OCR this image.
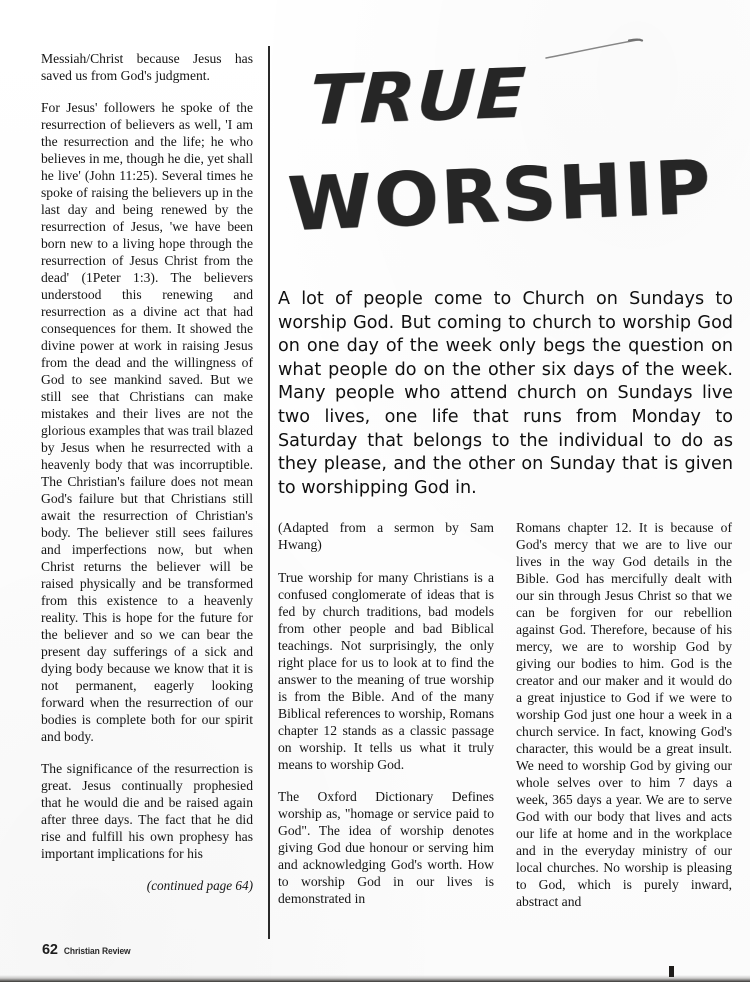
Messiah/Christ because Jesus has saved us from God's judgment.

For Jesus' followers he spoke of the resurrection of believers as well, 'I am the resurrection and the life; he who believes in me, though he die, yet shall he live' (John 11:25). Several times he spoke of raising the believers up in the last day and being renewed by the resurrection of Jesus, 'we have been born new to a living hope through the resurrection of Jesus Christ from the dead' (1Peter 1:3). The believers understood this renewing and resurrection as a divine act that had consequences for them. It showed the divine power at work in raising Jesus from the dead and the willingness of God to see mankind saved. But we still see that Christians can make mistakes and their lives are not the glorious examples that was trail blazed by Jesus when he resurrected with a heavenly body that was incorruptible. The Christian's failure does not mean God's failure but that Christians still await the resurrection of Christian's body. The believer still sees failures and imperfections now, but when Christ returns the believer will be raised physically and be transformed from this existence to a heavenly reality. This is hope for the future for the believer and so we can bear the present day sufferings of a sick and dying body because we know that it is not permanent, eagerly looking forward when the resurrection of our bodies is complete both for our spirit and body.

The significance of the resurrection is great. Jesus continually prophesied that he would die and be raised again after three days. The fact that he did rise and fulfill his own prophesy has important implications for his

(continued page 64)

TRUE
WORSHIP
A lot of people come to Church on Sundays to worship God. But coming to church to worship God on one day of the week only begs the question on what people do on the other six days of the week. Many people who attend church on Sundays live two lives, one life that runs from Monday to Saturday that belongs to the individual to do as they please, and the other on Sunday that is given to worshipping God in.

(Adapted from a sermon by Sam Hwang)

True worship for many Christians is a confused conglomerate of ideas that is fed by church traditions, bad models from other people and bad Biblical teachings. Not surprisingly, the only right place for us to look at to find the answer to the meaning of true worship is from the Bible. And of the many Biblical references to worship, Romans chapter 12 stands as a classic passage on worship. It tells us what it truly means to worship God.

The Oxford Dictionary Defines worship as, "homage or service paid to God". The idea of worship denotes giving God due honour or serving him and acknowledging God's worth. How to worship God in our lives is demonstrated in

Romans chapter 12. It is because of God's mercy that we are to live our lives in the way God details in the Bible. God has mercifully dealt with our sin through Jesus Christ so that we can be forgiven for our rebellion against God. Therefore, because of his mercy, we are to worship God by giving our bodies to him. God is the creator and our maker and it would do a great injustice to God if we were to worship God just one hour a week in a church service. In fact, knowing God's character, this would be a great insult. We need to worship God by giving our whole selves over to him 7 days a week, 365 days a year. We are to serve God with our body that lives and acts our life at home and in the workplace and in the everyday ministry of our local churches. No worship is pleasing to God, which is purely inward, abstract and

62 Christian Review
